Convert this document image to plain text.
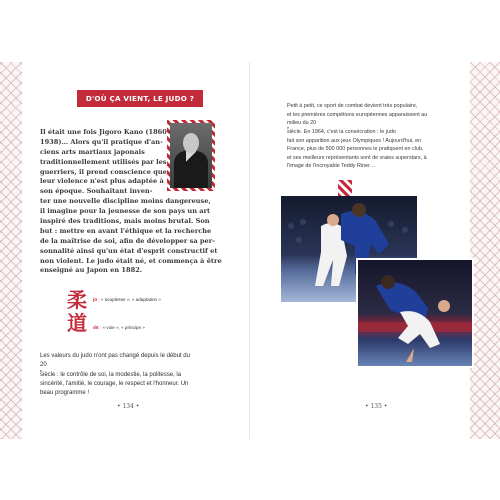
D'OÙ ÇA VIENT, LE JUDO ?
Il était une fois Jigoro Kano (1860-
1938)… Alors qu'il pratique d'an-
ciens arts martiaux japonais
traditionnellement utilisés par les
guerriers, il prend conscience que
leur violence n'est plus adaptée à
son époque. Souhaitant inven-
ter une nouvelle discipline moins dangereuse,
il imagine pour la jeunesse de son pays un art
inspiré des traditions, mais moins brutal. Son
but : mettre en avant l'éthique et la recherche
de la maîtrise de soi, afin de développer sa per-
sonnalité ainsi qu'un état d'esprit constructif et
non violent. Le judo était né, et commença à être
enseigné au Japon en 1882.
柔
道
jū : « souplesse », « adaptation »
dō : « voie », « principe »
Les valeurs du judo n'ont pas changé depuis le début du
20
e
siècle : le contrôle de soi, la modestie, la politesse, la
sincérité, l'amitié, le courage, le respect et l'honneur. Un
beau programme !
• 134 •
Petit à petit, ce sport de combat devient très populaire,
et les premières compétions européennes apparaissent au
milieu du 20
e
siècle. En 1964, c'est la consécration : le judo
fait son apparition aux jeux Olympiques ! Aujourd'hui, en
France, plus de 500 000 personnes le pratiquent en club,
et ses meilleurs représentants sont de vraies superstars, à
l'image de l'incroyable Teddy Riner…
• 135 •
